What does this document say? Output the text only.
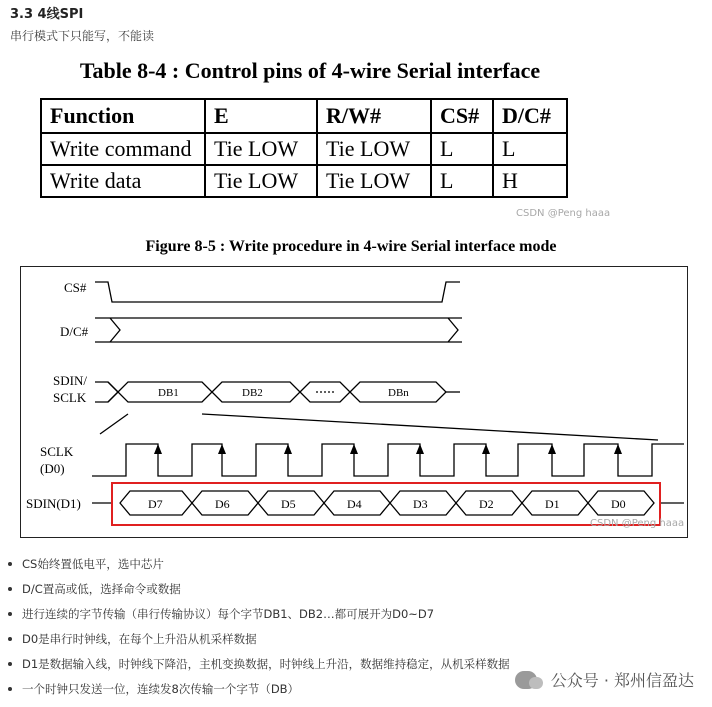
3.3 4线SPI
串行模式下只能写，不能读
Table 8-4 : Control pins of 4-wire Serial interface
Function	E	R/W#	CS#	D/C#
Write command	Tie LOW	Tie LOW	L	L
Write data	Tie LOW	Tie LOW	L	H
CSDN @Peng haaa
Figure 8-5 : Write procedure in 4-wire Serial interface mode
CS#
D/C#
SDIN/
SCLK
SCLK
(D0)
SDIN(D1)
DB1	DB2	DBn
D7	D6	D5	D4	D3	D2	D1	D0
CSDN @Peng haaa
CS始终置低电平，选中芯片
D/C置高或低，选择命令或数据
进行连续的字节传输（串行传输协议）每个字节DB1、DB2…都可展开为D0~D7
D0是串行时钟线，在每个上升沿从机采样数据
D1是数据输入线，时钟线下降沿，主机变换数据，时钟线上升沿，数据维持稳定，从机采样数据
一个时钟只发送一位，连续发8次传输一个字节（DB）	公众号 · 郑州信盈达
